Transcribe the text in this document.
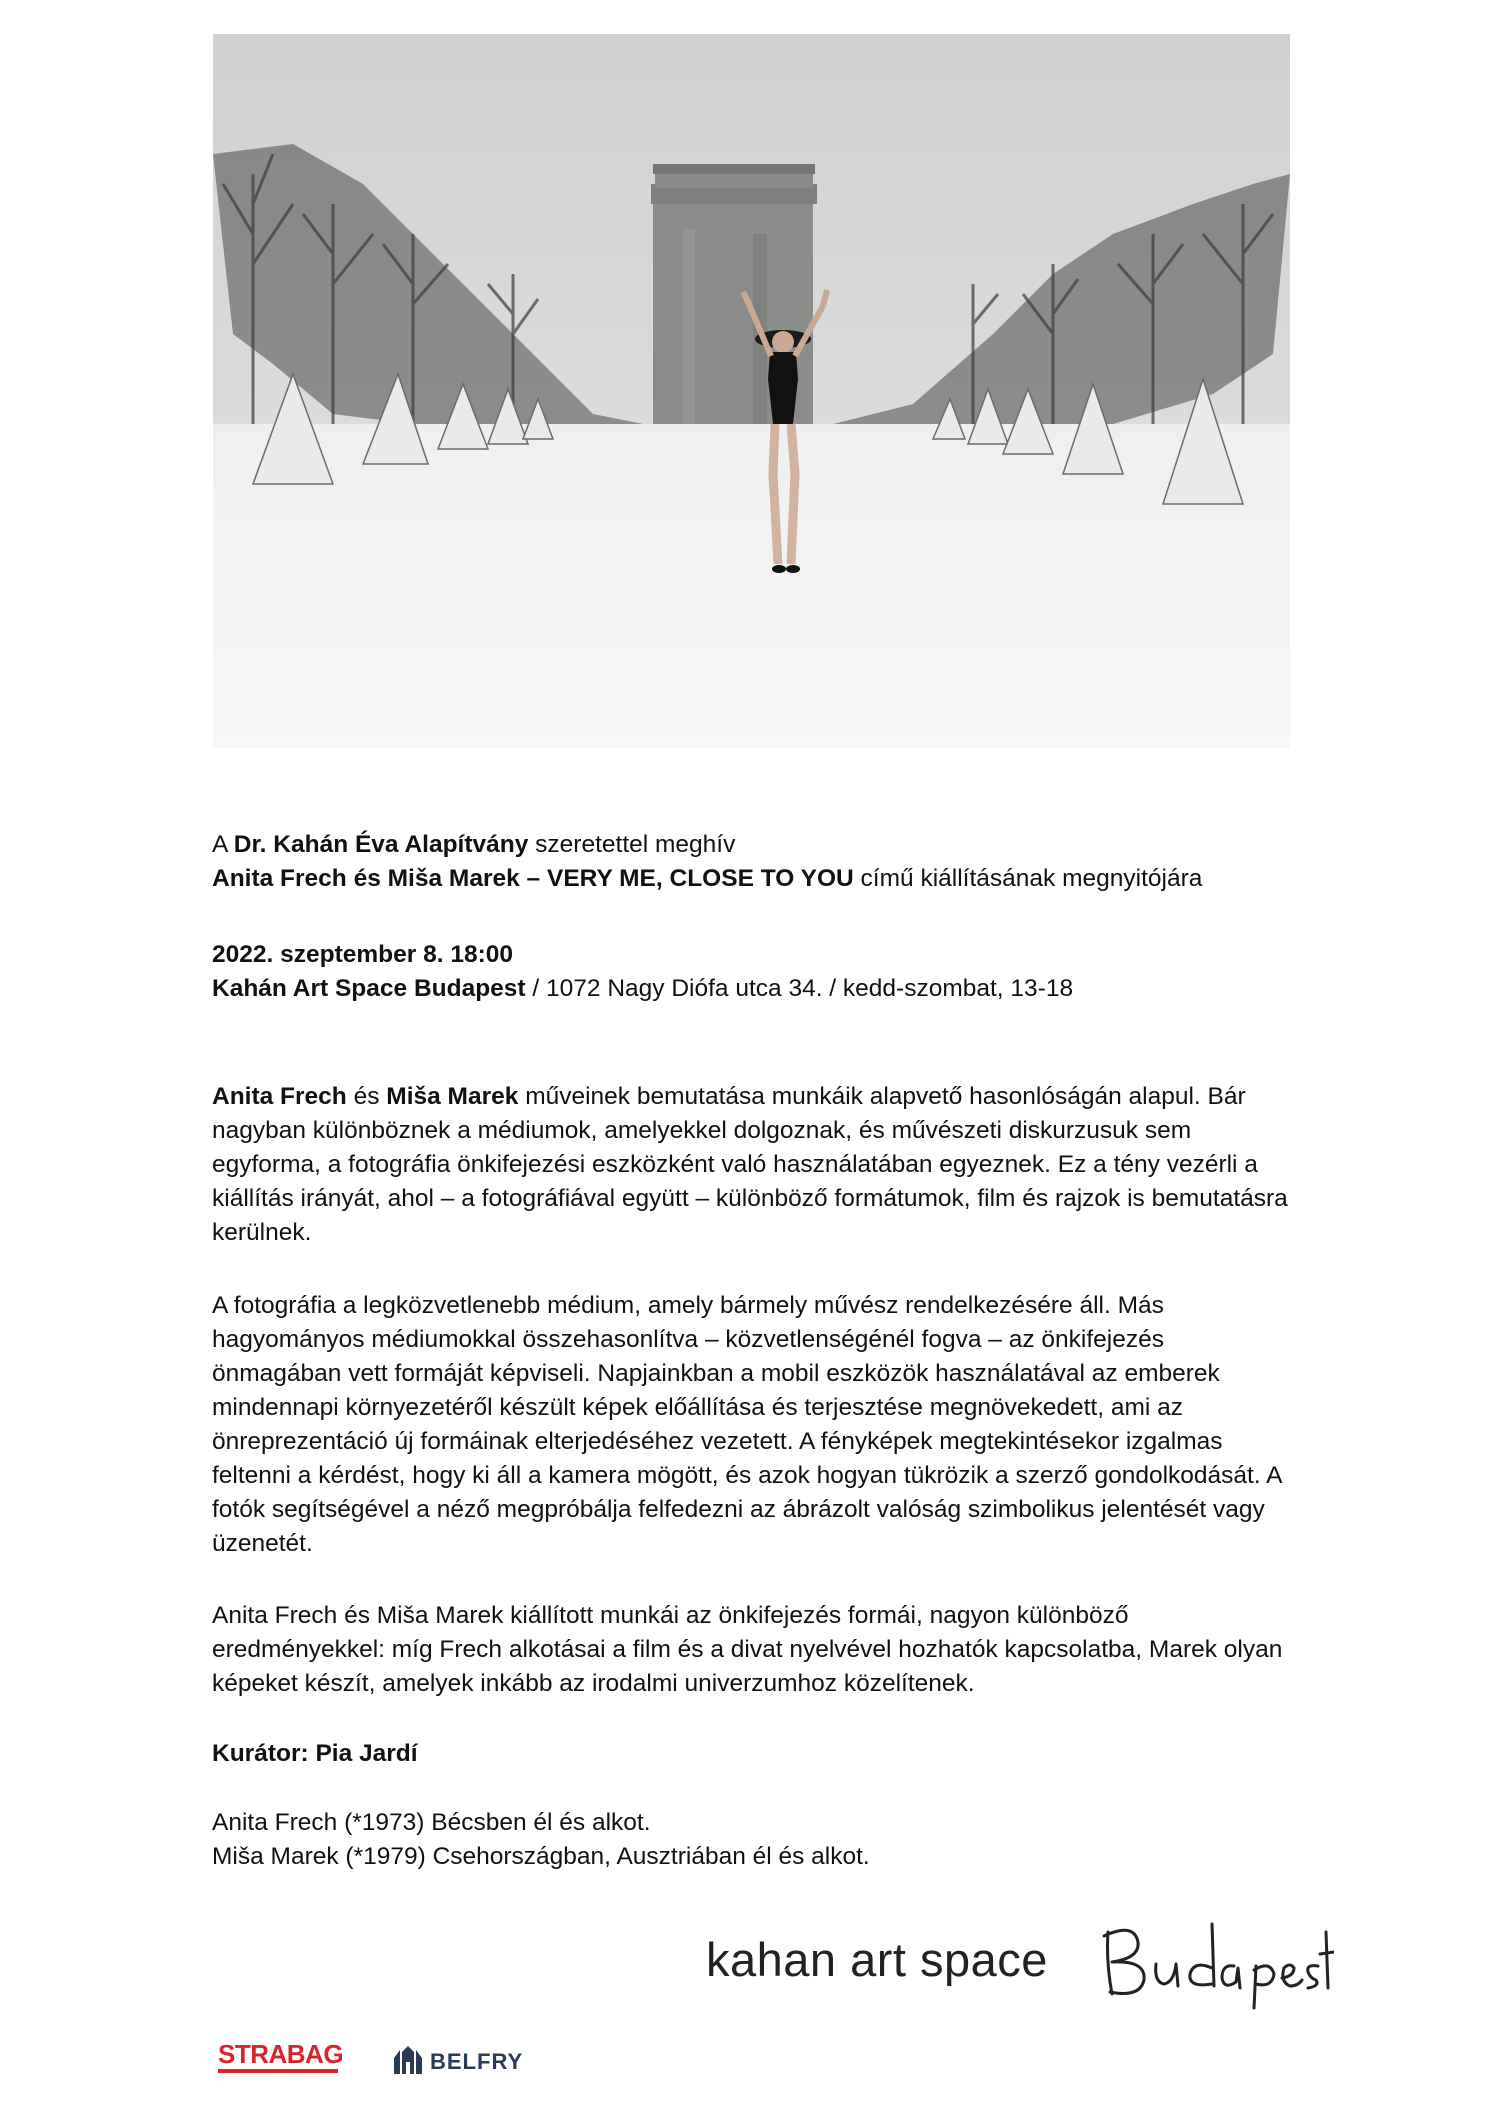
A Dr. Kahán Éva Alapítvány szeretettel meghív

Anita Frech és Miša Marek – VERY ME, CLOSE TO YOU című kiállításának megnyitójára

2022. szeptember 8. 18:00

Kahán Art Space Budapest / 1072 Nagy Diófa utca 34. / kedd-szombat, 13-18

Anita Frech és Miša Marek műveinek bemutatása munkáik alapvető hasonlóságán alapul. Bár nagyban különböznek a médiumok, amelyekkel dolgoznak, és művészeti diskurzusuk sem egyforma, a fotográfia önkifejezési eszközként való használatában egyeznek. Ez a tény vezérli a kiállítás irányát, ahol – a fotográfiával együtt – különböző formátumok, film és rajzok is bemutatásra kerülnek.

A fotográfia a legközvetlenebb médium, amely bármely művész rendelkezésére áll. Más hagyományos médiumokkal összehasonlítva – közvetlenségénél fogva – az önkifejezés önmagában vett formáját képviseli. Napjainkban a mobil eszközök használatával az emberek mindennapi környezetéről készült képek előállítása és terjesztése megnövekedett, ami az önreprezentáció új formáinak elterjedéséhez vezetett. A fényképek megtekintésekor izgalmas feltenni a kérdést, hogy ki áll a kamera mögött, és azok hogyan tükrözik a szerző gondolkodását. A fotók segítségével a néző megpróbálja felfedezni az ábrázolt valóság szimbolikus jelentését vagy üzenetét.

Anita Frech és Miša Marek kiállított munkái az önkifejezés formái, nagyon különböző eredményekkel: míg Frech alkotásai a film és a divat nyelvével hozhatók kapcsolatba, Marek olyan képeket készít, amelyek inkább az irodalmi univerzumhoz közelítenek.

Kurátor: Pia Jardí

Anita Frech (*1973) Bécsben él és alkot.

Miša Marek (*1979) Csehországban, Ausztriában él és alkot.

kahan art space
STRABAG	BELFRY
